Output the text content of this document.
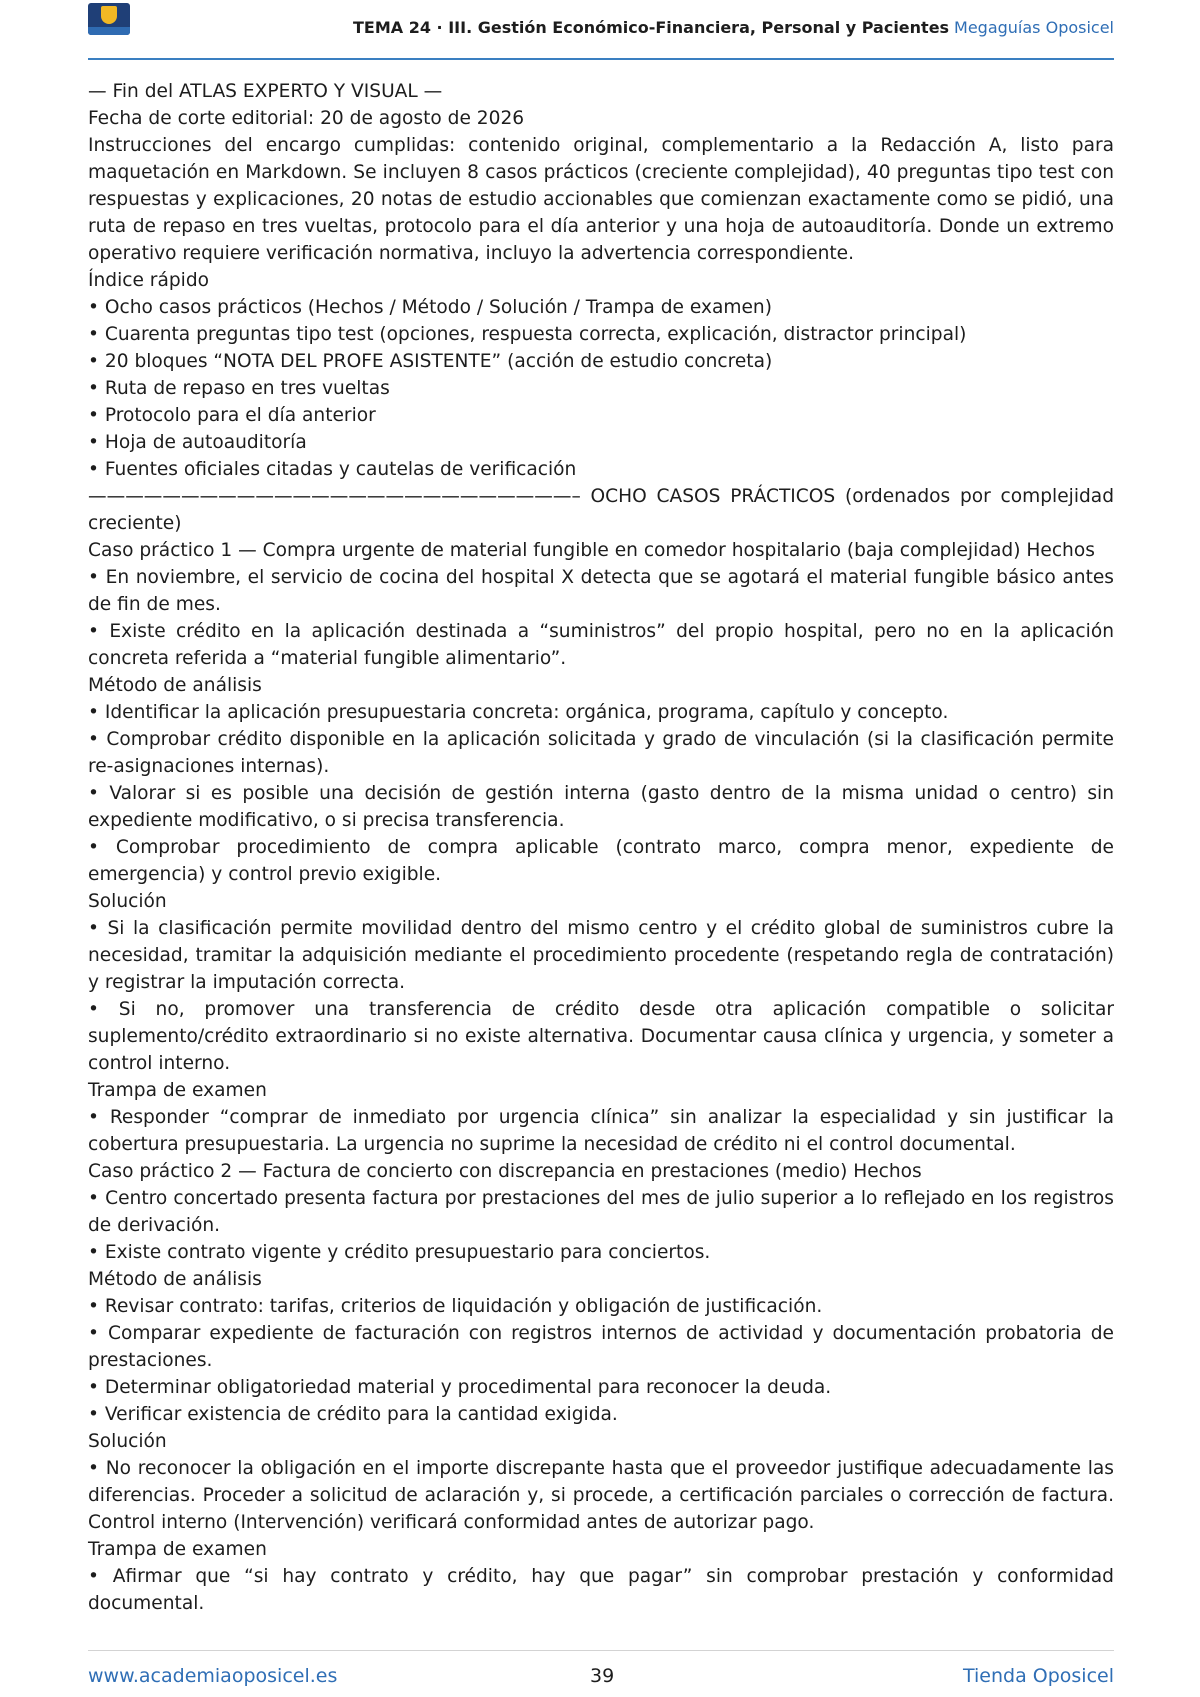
TEMA 24 · III. Gestión Económico-Financiera, Personal y Pacientes Megaguías Oposicel

— Fin del ATLAS EXPERTO Y VISUAL —

Fecha de corte editorial: 20 de agosto de 2026

Instrucciones del encargo cumplidas: contenido original, complementario a la Redacción A, listo para maquetación en Markdown. Se incluyen 8 casos prácticos (creciente complejidad), 40 preguntas tipo test con respuestas y explicaciones, 20 notas de estudio accionables que comienzan exactamente como se pidió, una ruta de repaso en tres vueltas, protocolo para el día anterior y una hoja de autoauditoría. Donde un extremo operativo requiere verificación normativa, incluyo la advertencia correspondiente.

Índice rápido

• Ocho casos prácticos (Hechos / Método / Solución / Trampa de examen)

• Cuarenta preguntas tipo test (opciones, respuesta correcta, explicación, distractor principal)

• 20 bloques “NOTA DEL PROFE ASISTENTE” (acción de estudio concreta)

• Ruta de repaso en tres vueltas

• Protocolo para el día anterior

• Hoja de autoauditoría

• Fuentes oficiales citadas y cautelas de verificación

——————————————————————————– OCHO CASOS PRÁCTICOS (ordenados por complejidad creciente)

Caso práctico 1 — Compra urgente de material fungible en comedor hospitalario (baja complejidad) Hechos

• En noviembre, el servicio de cocina del hospital X detecta que se agotará el material fungible básico antes de fin de mes.

• Existe crédito en la aplicación destinada a “suministros” del propio hospital, pero no en la aplicación concreta referida a “material fungible alimentario”.

Método de análisis

• Identificar la aplicación presupuestaria concreta: orgánica, programa, capítulo y concepto.

• Comprobar crédito disponible en la aplicación solicitada y grado de vinculación (si la clasificación permite re-asignaciones internas).

• Valorar si es posible una decisión de gestión interna (gasto dentro de la misma unidad o centro) sin expediente modificativo, o si precisa transferencia.

• Comprobar procedimiento de compra aplicable (contrato marco, compra menor, expediente de emergencia) y control previo exigible.

Solución

• Si la clasificación permite movilidad dentro del mismo centro y el crédito global de suministros cubre la necesidad, tramitar la adquisición mediante el procedimiento procedente (respetando regla de contratación) y registrar la imputación correcta.

• Si no, promover una transferencia de crédito desde otra aplicación compatible o solicitar suplemento/crédito extraordinario si no existe alternativa. Documentar causa clínica y urgencia, y someter a control interno.

Trampa de examen

• Responder “comprar de inmediato por urgencia clínica” sin analizar la especialidad y sin justificar la cobertura presupuestaria. La urgencia no suprime la necesidad de crédito ni el control documental.

Caso práctico 2 — Factura de concierto con discrepancia en prestaciones (medio) Hechos

• Centro concertado presenta factura por prestaciones del mes de julio superior a lo reflejado en los registros de derivación.

• Existe contrato vigente y crédito presupuestario para conciertos.

Método de análisis

• Revisar contrato: tarifas, criterios de liquidación y obligación de justificación.

• Comparar expediente de facturación con registros internos de actividad y documentación probatoria de prestaciones.

• Determinar obligatoriedad material y procedimental para reconocer la deuda.

• Verificar existencia de crédito para la cantidad exigida.

Solución

• No reconocer la obligación en el importe discrepante hasta que el proveedor justifique adecuadamente las diferencias. Proceder a solicitud de aclaración y, si procede, a certificación parciales o corrección de factura. Control interno (Intervención) verificará conformidad antes de autorizar pago.

Trampa de examen

• Afirmar que “si hay contrato y crédito, hay que pagar” sin comprobar prestación y conformidad documental.

www.academiaoposicel.es	39	Tienda Oposicel
